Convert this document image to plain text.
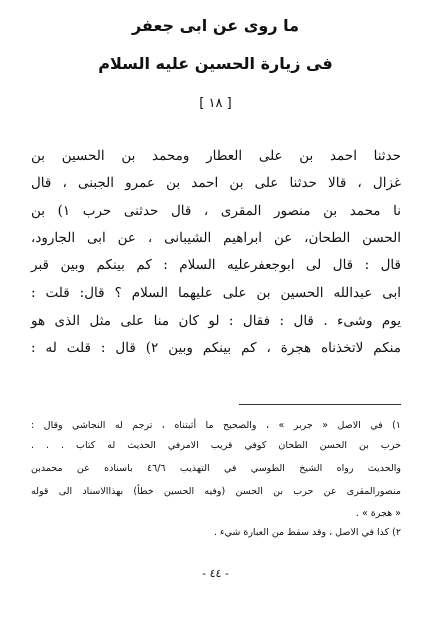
ما روى عن ابى جعفر
فى زيارة الحسين عليه السلام
[ ١٨ ]
حدثنا احمد بن على العطار ومحمد بن الحسين بن
غزال ، قالا حدثنا على بن احمد بن عمرو الجبنى ، قال
نا محمد بن منصور المقرى ، قال حدثنى حرب ١) بن
الحسن الطحان، عن ابراهيم الشيبانى ، عن ابى الجارود،
قال : قال لى ابوجعفرعليه السلام : كم بينكم وبين قبر
ابى عبدالله الحسين بن على عليهما السلام ؟ قال: قلت :
يوم وشىء . قال : فقال : لو كان منا على مثل الذى هو
منكم لاتخذناه هجرة ، كم بينكم وبين ٢) قال : قلت له :
١) في الاصل « جربر » ، والصحيح ما أثبتناه ، ترجم له النجاشي وقال :
حرب بن الحسن الطحان كوفي قريب الامرفي الحديث له كتاب . . .
والحديث رواه الشيخ الطوسي في التهذيب ٤٦/٦ باسناده عن محمدبن
منصورالمقرى عن حرب بن الحسن (وفيه الحسين خطأ) بهذاالاسناد الى قوله
« هجرة » .
٢) كذا في الاصل ، وقد سقط من العبارة شيء .
- ٤٤ -
